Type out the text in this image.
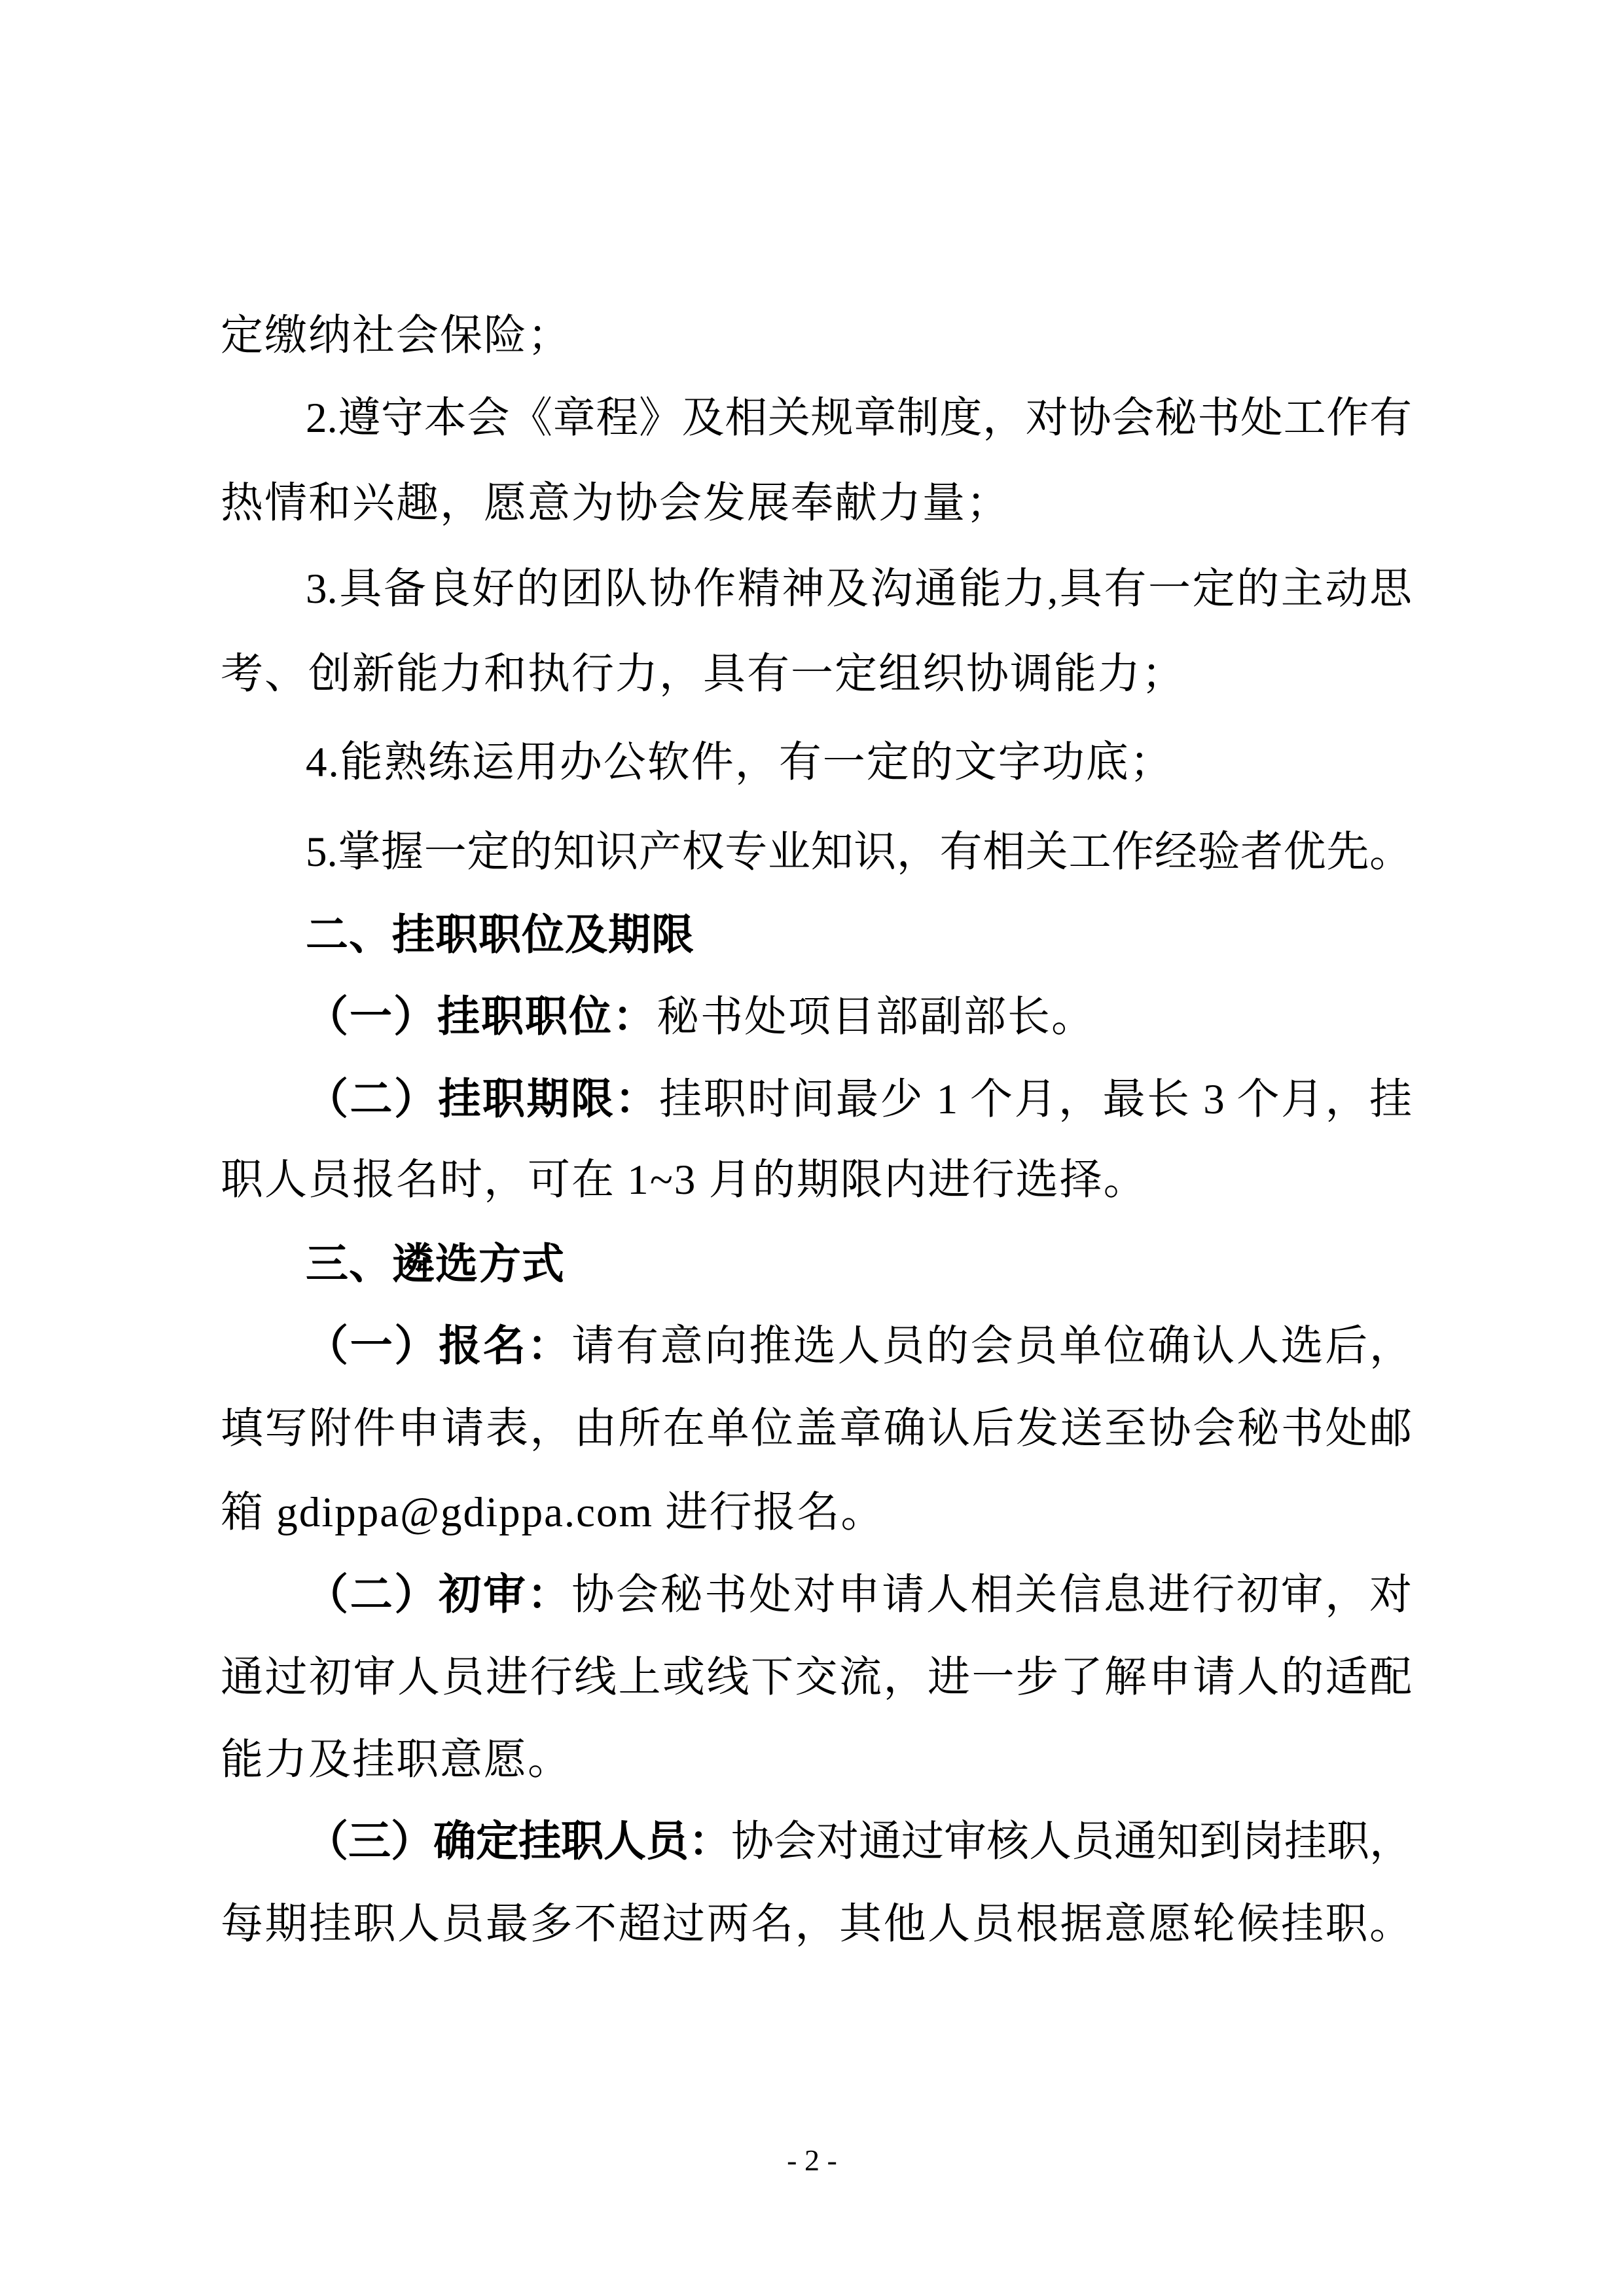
定缴纳社会保险；
2.遵守本会《章程》及相关规章制度，对协会秘书处工作有
热情和兴趣，愿意为协会发展奉献力量；
3.具备良好的团队协作精神及沟通能力,具有一定的主动思
考、创新能力和执行力，具有一定组织协调能力；
4.能熟练运用办公软件，有一定的文字功底；
5.掌握一定的知识产权专业知识，有相关工作经验者优先。
二、挂职职位及期限
（一）挂职职位：秘书处项目部副部长。
（二）挂职期限：挂职时间最少 1 个月，最长 3 个月，挂
职人员报名时，可在 1~3 月的期限内进行选择。
三、遴选方式
（一）报名：请有意向推选人员的会员单位确认人选后，
填写附件申请表，由所在单位盖章确认后发送至协会秘书处邮
箱 gdippa@gdippa.com 进行报名。
（二）初审：协会秘书处对申请人相关信息进行初审，对
通过初审人员进行线上或线下交流，进一步了解申请人的适配
能力及挂职意愿。
（三）确定挂职人员：协会对通过审核人员通知到岗挂职，
每期挂职人员最多不超过两名，其他人员根据意愿轮候挂职。
- 2 -
